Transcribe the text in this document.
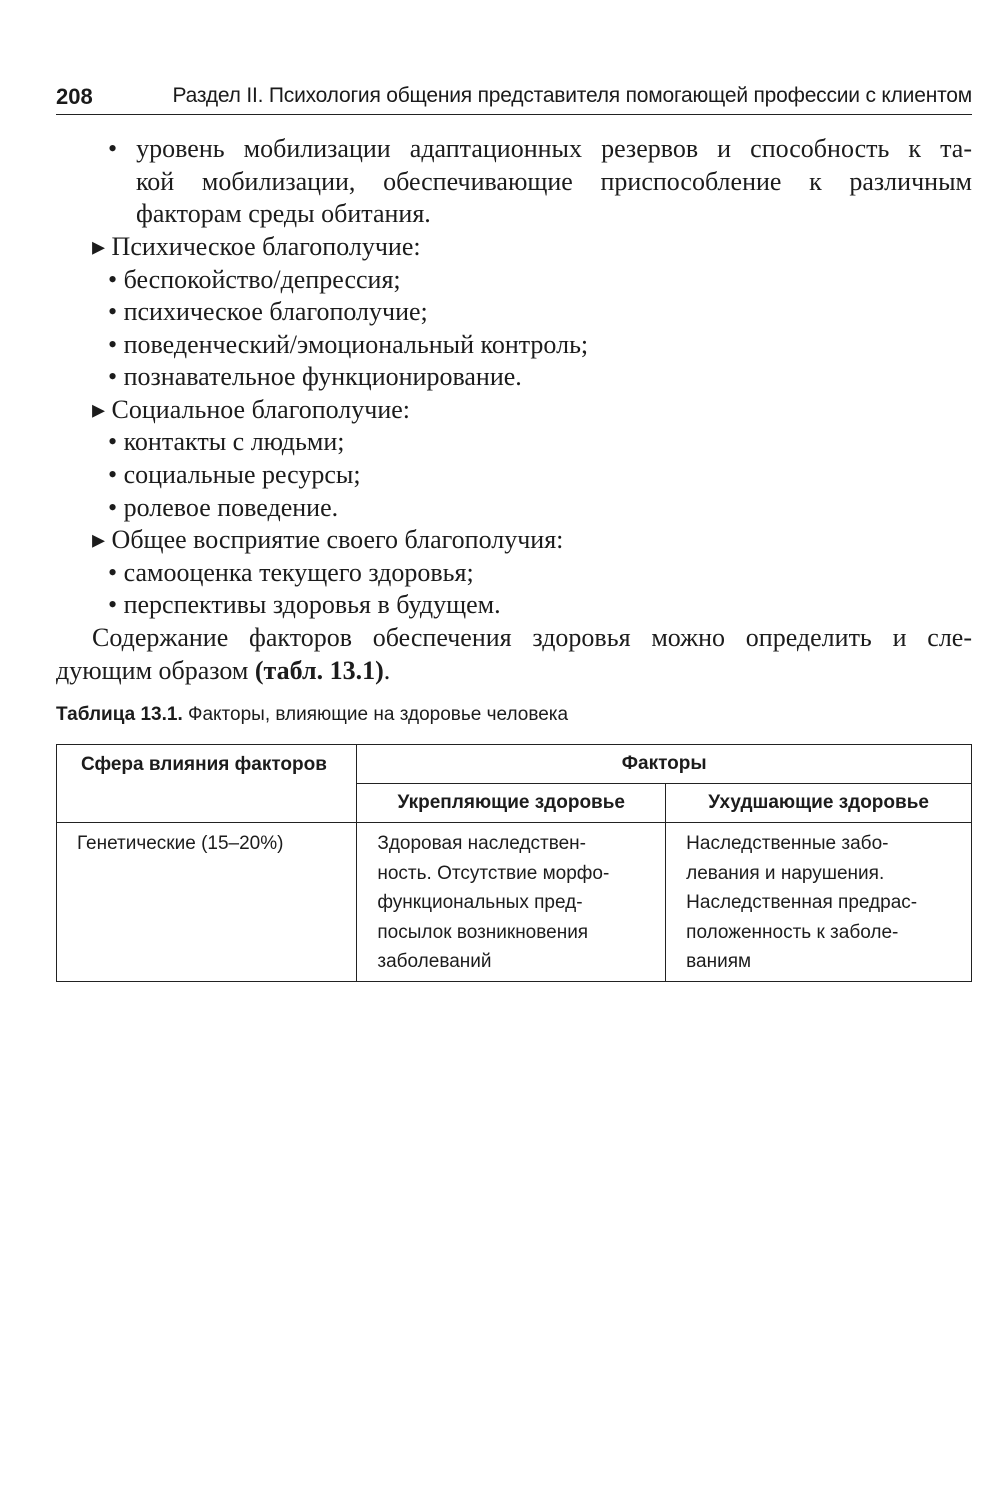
208	Раздел II. Психология общения представителя помогающей профессии с клиентом
• уровень мобилизации адаптационных резервов и способность к та-
кой мобилизации, обеспечивающие приспособление к различным
факторам среды обитания.
▸ Психическое благополучие:
• беспокойство/депрессия;
• психическое благополучие;
• поведенческий/эмоциональный контроль;
• познавательное функционирование.
▸ Социальное благополучие:
• контакты с людьми;
• социальные ресурсы;
• ролевое поведение.
▸ Общее восприятие своего благополучия:
• самооценка текущего здоровья;
• перспективы здоровья в будущем.
Содержание факторов обеспечения здоровья можно определить и сле-
дующим образом (табл. 13.1).
Таблица 13.1. Факторы, влияющие на здоровье человека
Сфера влияния факторов	Факторы	
	Укрепляющие здоровье	Ухудшающие здоровье
Генетические (15–20%)	Здоровая наследствен-
ность. Отсутствие морфо-
функциональных пред-
посылок возникновения
заболеваний	Наследственные забо-
левания и нарушения.
Наследственная предрас-
положенность к заболе-
ваниям
